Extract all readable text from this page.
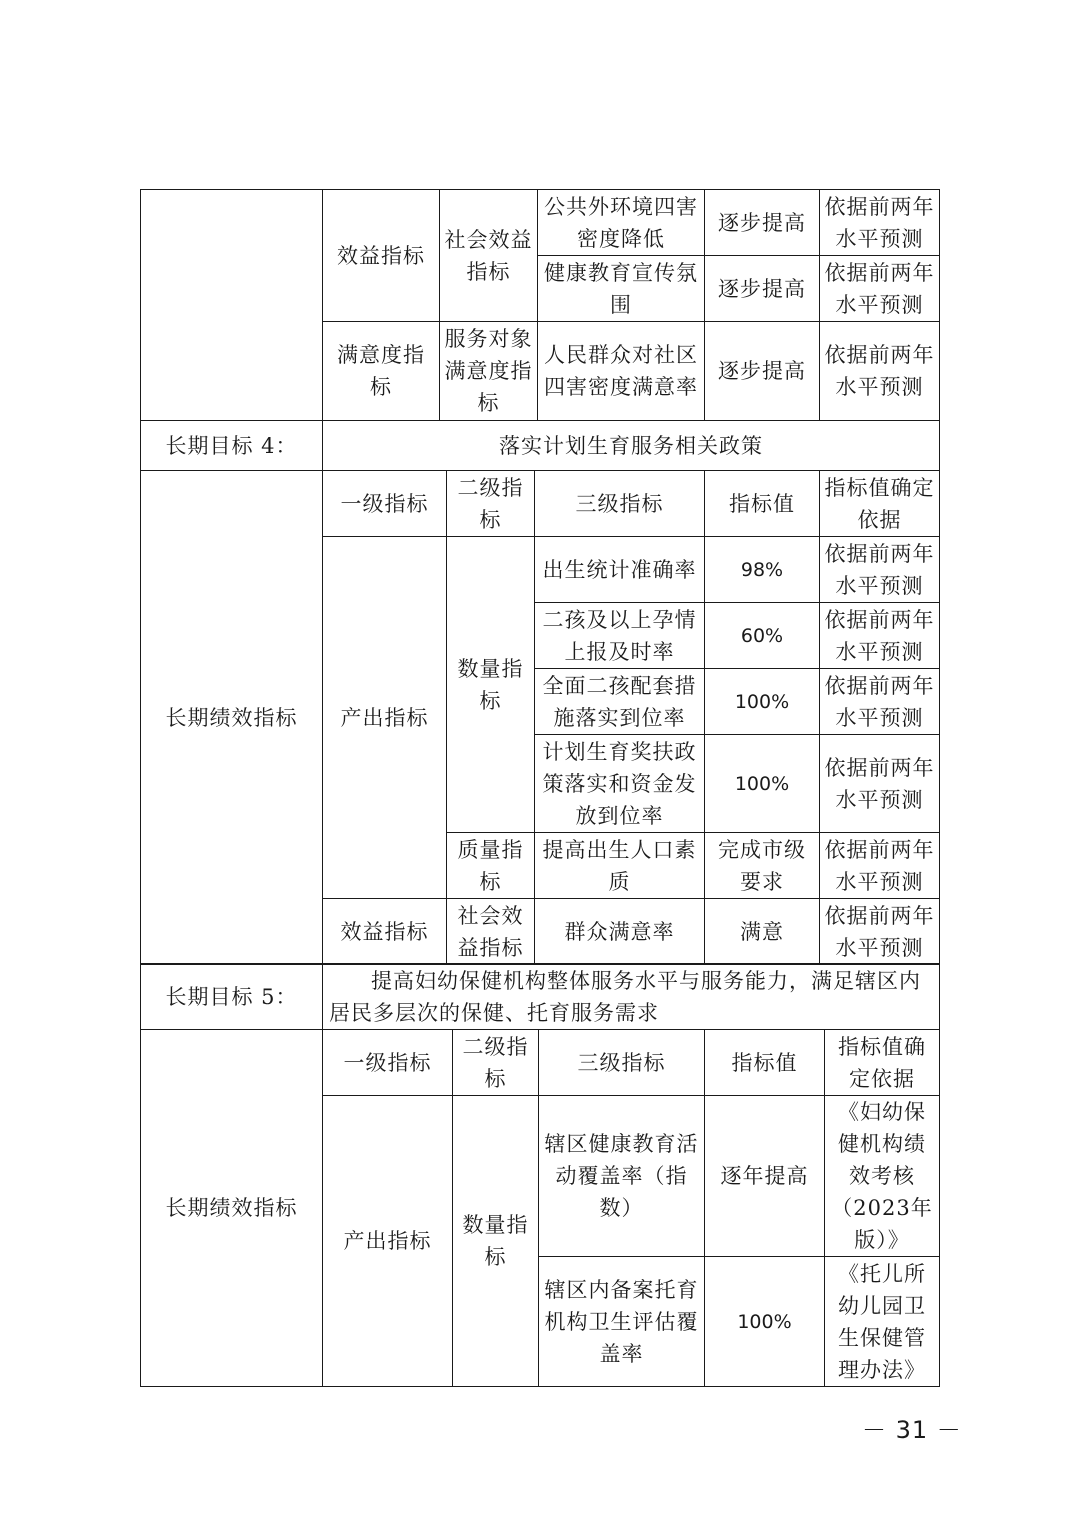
	效益指标	社会效益指标	公共外环境四害密度降低	逐步提高	依据前两年水平预测
			健康教育宣传氛围	逐步提高	依据前两年水平预测
	满意度指标	服务对象满意度指标	人民群众对社区四害密度满意率	逐步提高	依据前两年水平预测
长期目标 4：	落实计划生育服务相关政策				
长期绩效指标	一级指标	二级指标	三级指标	指标值	指标值确定依据
	产出指标	数量指标	出生统计准确率	98%	依据前两年水平预测
			二孩及以上孕情上报及时率	60%	依据前两年水平预测
			全面二孩配套措施落实到位率	100%	依据前两年水平预测
			计划生育奖扶政策落实和资金发放到位率	100%	依据前两年水平预测
		质量指标	提高出生人口素质	完成市级要求	依据前两年水平预测
	效益指标	社会效益指标	群众满意率	满意	依据前两年水平预测
长期目标 5：	提高妇幼保健机构整体服务水平与服务能力，满足辖区内居民多层次的保健、托育服务需求				
长期绩效指标	一级指标	二级指标	三级指标	指标值	指标值确定依据
	产出指标	数量指标	辖区健康教育活动覆盖率（指数）	逐年提高	《妇幼保健机构绩效考核（2023年版）》
			辖区内备案托育机构卫生评估覆盖率	100%	《托儿所幼儿园卫生保健管理办法》
－ 31 －
